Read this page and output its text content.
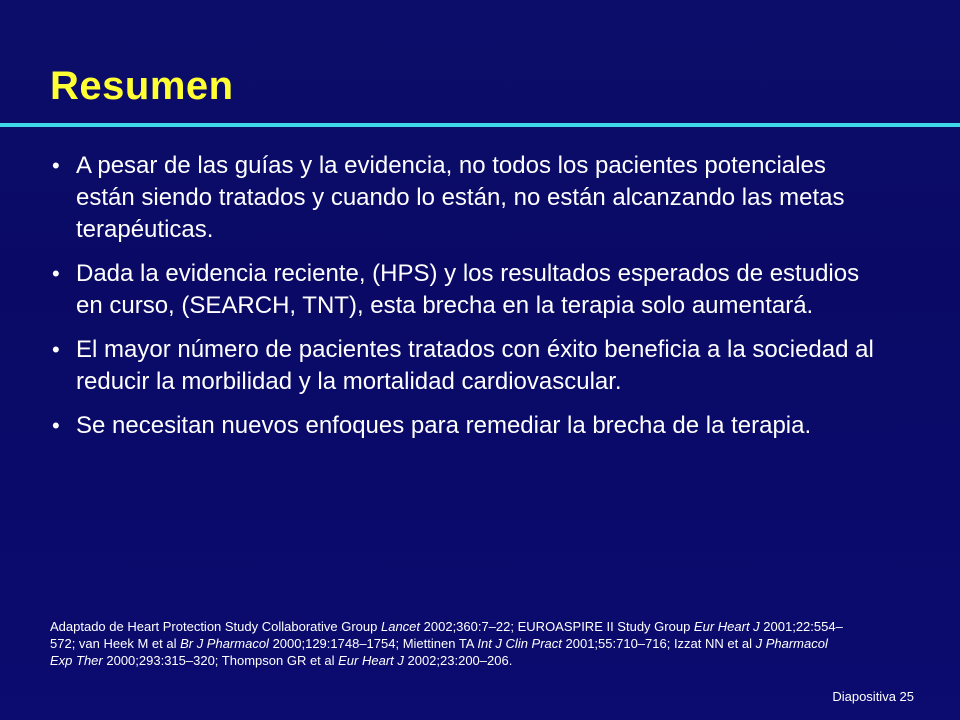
Resumen
• A pesar de las guías y la evidencia, no todos los pacientes potenciales están siendo tratados y cuando lo están, no están alcanzando las metas terapéuticas.
• Dada la evidencia reciente, (HPS) y los resultados esperados de estudios en curso, (SEARCH, TNT), esta brecha en la terapia solo aumentará.
• El mayor número de pacientes tratados con éxito beneficia a la sociedad al reducir la morbilidad y la mortalidad cardiovascular.
• Se necesitan nuevos enfoques para remediar la brecha de la terapia.

Adaptado de Heart Protection Study Collaborative Group Lancet 2002;360:7–22; EUROASPIRE II Study Group Eur Heart J 2001;22:554–572; van Heek M et al Br J Pharmacol 2000;129:1748–1754; Miettinen TA Int J Clin Pract 2001;55:710–716; Izzat NN et al J Pharmacol Exp Ther 2000;293:315–320; Thompson GR et al Eur Heart J 2002;23:200–206.

Diapositiva 25
